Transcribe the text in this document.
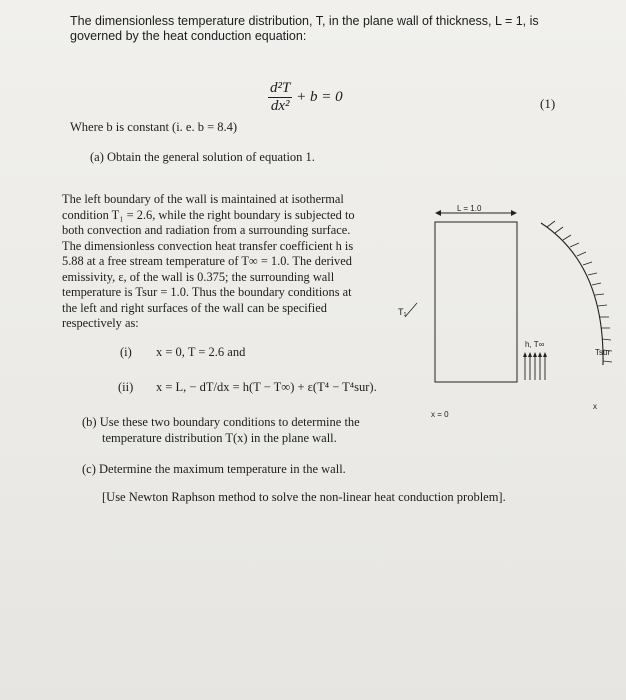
The dimensionless temperature distribution, T, in the plane wall of thickness, L = 1, is
governed by the heat conduction equation:
$\frac{\text{d²T}}{\text{dx²}} + b = 0$	(1)
Where b is constant (i. e. b = 8.4)
(a) Obtain the general solution of equation 1.
The left boundary of the wall is maintained at isothermal
condition T₁ = 2.6, while the right boundary is subjected to
both convection and radiation from a surrounding surface.
The dimensionless convection heat transfer coefficient h is
5.88 at a free stream temperature of T∞ = 1.0. The derived
emissivity, ε, of the wall is 0.375; the surrounding wall
temperature is Tsur = 1.0. Thus the boundary conditions at
the left and right surfaces of the wall can be specified
respectively as:
(i) x = 0, T = 2.6 and
(ii) x = L, − dT/dx = h(T − T∞) + ε(T⁴ − T⁴sur).
(b) Use these two boundary conditions to determine the
temperature distribution T(x) in the plane wall.
(c) Determine the maximum temperature in the wall.
[Use Newton Raphson method to solve the non-linear heat conduction problem].
L = 1.0
T₁
h, T∞
Tsur
x = 0
x
